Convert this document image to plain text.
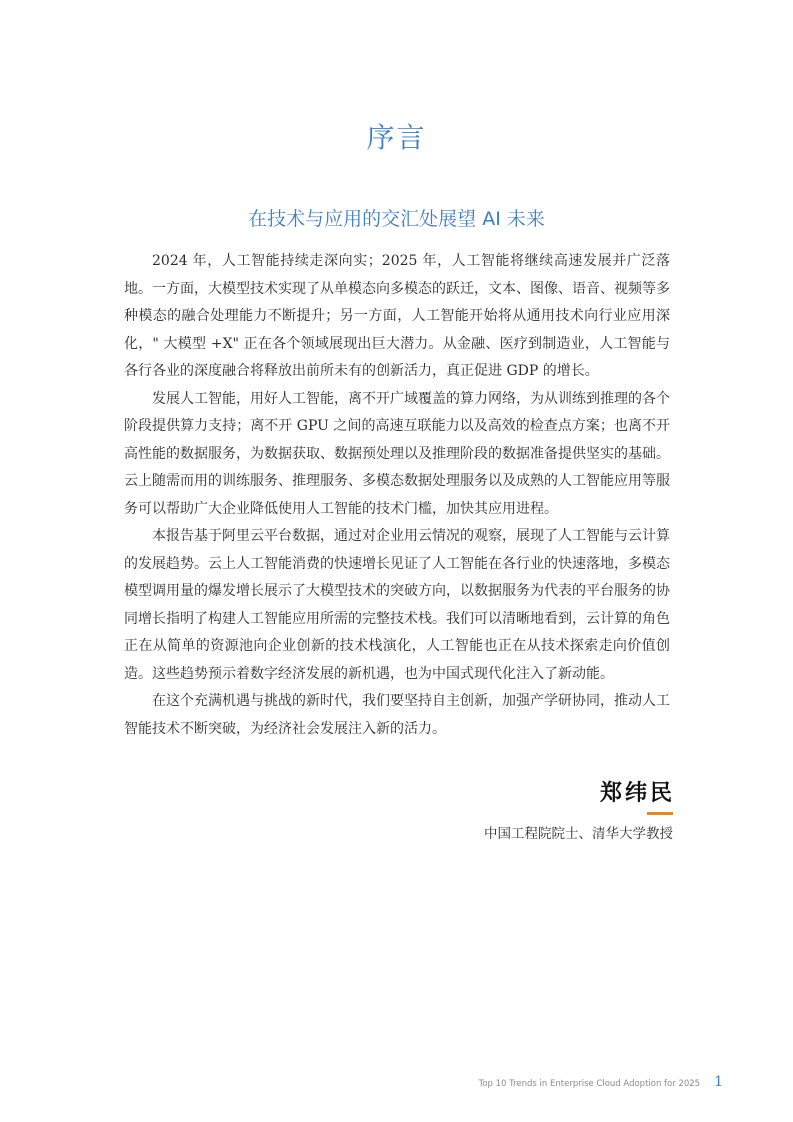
序言
在技术与应用的交汇处展望 AI 未来

2024 年，人工智能持续走深向实；2025 年，人工智能将继续高速发展并广泛落地。一方面，大模型技术实现了从单模态向多模态的跃迁，文本、图像、语音、视频等多种模态的融合处理能力不断提升；另一方面，人工智能开始将从通用技术向行业应用深化，" 大模型 +X" 正在各个领域展现出巨大潜力。从金融、医疗到制造业，人工智能与各行各业的深度融合将释放出前所未有的创新活力，真正促进 GDP 的增长。

发展人工智能，用好人工智能，离不开广域覆盖的算力网络，为从训练到推理的各个阶段提供算力支持；离不开 GPU 之间的高速互联能力以及高效的检查点方案；也离不开高性能的数据服务，为数据获取、数据预处理以及推理阶段的数据准备提供坚实的基础。云上随需而用的训练服务、推理服务、多模态数据处理服务以及成熟的人工智能应用等服务可以帮助广大企业降低使用人工智能的技术门槛，加快其应用进程。

本报告基于阿里云平台数据，通过对企业用云情况的观察，展现了人工智能与云计算的发展趋势。云上人工智能消费的快速增长见证了人工智能在各行业的快速落地，多模态模型调用量的爆发增长展示了大模型技术的突破方向，以数据服务为代表的平台服务的协同增长指明了构建人工智能应用所需的完整技术栈。我们可以清晰地看到，云计算的角色正在从简单的资源池向企业创新的技术栈演化，人工智能也正在从技术探索走向价值创造。这些趋势预示着数字经济发展的新机遇，也为中国式现代化注入了新动能。

在这个充满机遇与挑战的新时代，我们要坚持自主创新，加强产学研协同，推动人工智能技术不断突破，为经济社会发展注入新的活力。

郑纬民
中国工程院院士、清华大学教授
Top 10 Trends in Enterprise Cloud Adoption for 2025 1
